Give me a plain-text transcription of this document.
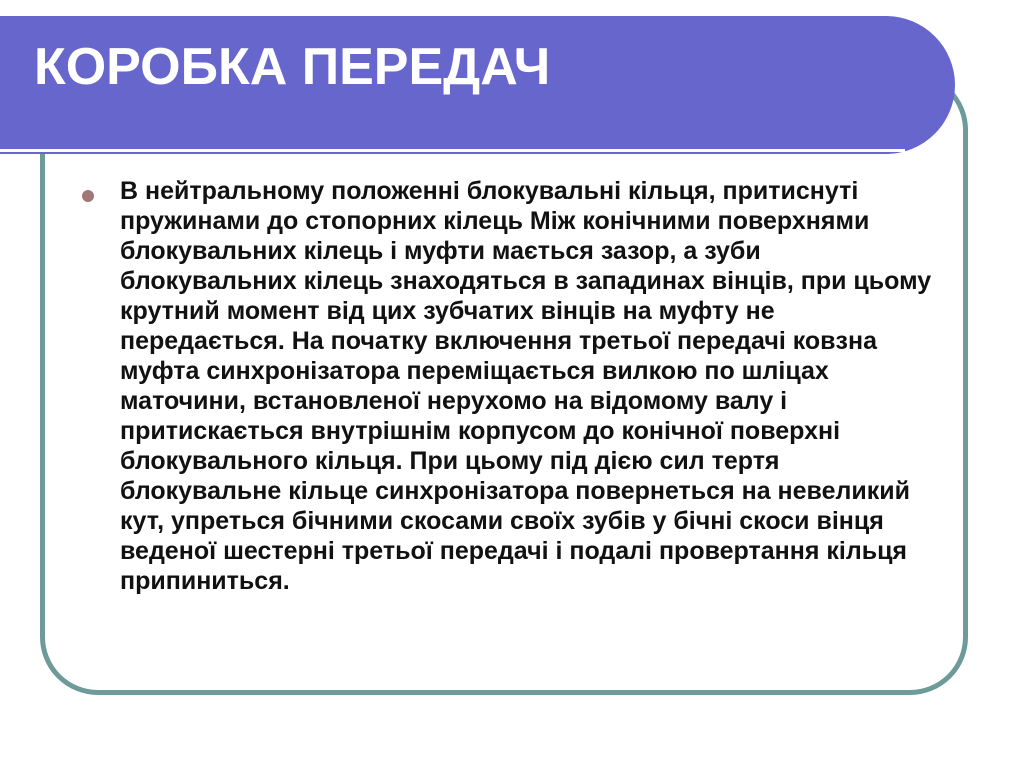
КОРОБКА ПЕРЕДАЧ
В нейтральному положенні блокувальні кільця, притиснуті пружинами до стопорних кілець Між конічними поверхнями блокувальних кілець і муфти мається зазор, а зуби блокувальних кілець знаходяться в западинах вінців, при цьому крутний момент від цих зубчатих вінців на муфту не передається. На початку включення третьої передачі ковзна муфта синхронізатора переміщається вилкою по шліцах маточини, встановленої нерухомо на відомому валу і притискається внутрішнім корпусом до конічної поверхні блокувального кільця. При цьому під дією сил тертя блокувальне кільце синхронізатора повернеться на невеликий кут, упреться бічними скосами своїх зубів у бічні скоси вінця веденої шестерні третьої передачі і подалі провертання кільця припиниться.
